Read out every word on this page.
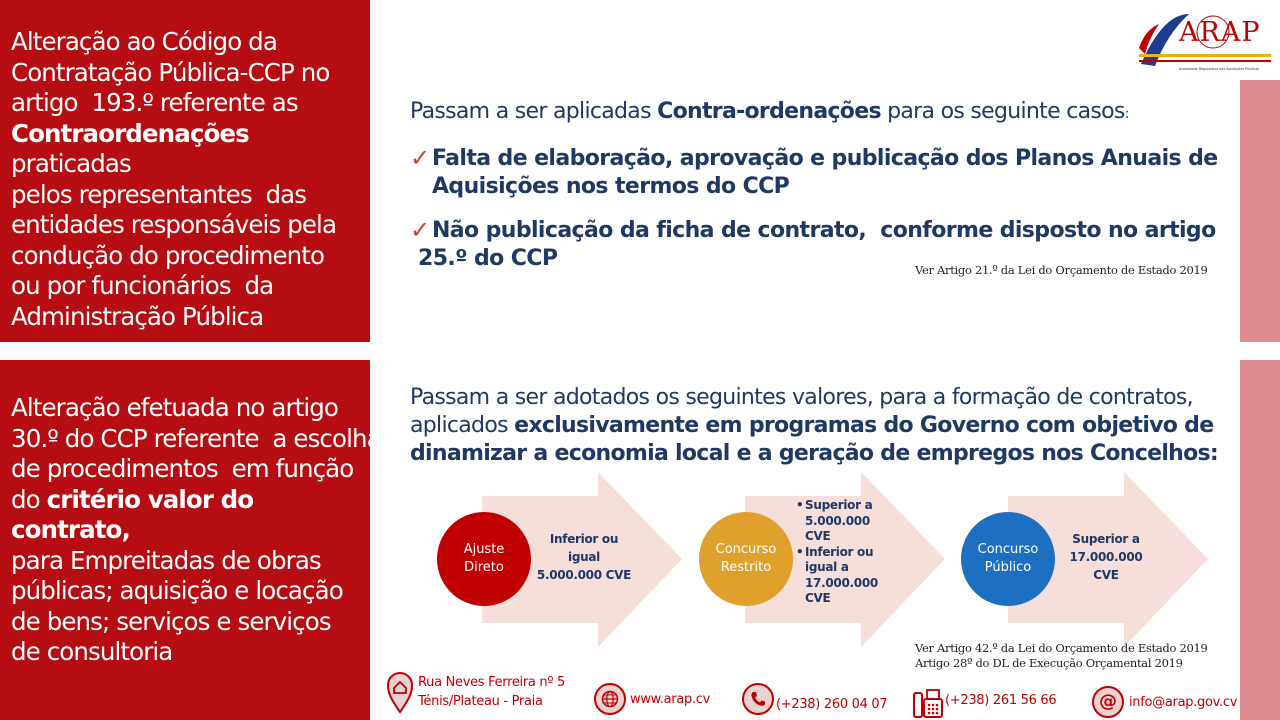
Alteração ao Código da

Contratação Pública-CCP no

artigo  193.º referente as

Contraordenações praticadas

pelos representantes  das

entidades responsáveis pela

condução do procedimento

ou por funcionários  da

Administração Pública

Alteração efetuada no artigo

30.º do CCP referente  a escolha

de procedimentos  em função

do critério valor do contrato,

para Empreitadas de obras

públicas; aquisição e locação

de bens; serviços e serviços

de consultoria

ARAP
Autoridade Reguladora das Aquisições Públicas
Passam a ser aplicadas Contra-ordenações para os seguinte casos:
✓ Falta de elaboração, aprovação e publicação dos Planos Anuais de
Aquisições nos termos do CCP
✓ Não publicação da ficha de contrato,  conforme disposto no artigo
25.º do CCP	Ver Artigo 21.º da Lei do Orçamento de Estado 2019
Passam a ser adotados os seguintes valores, para a formação de contratos,
aplicados exclusivamente em programas do Governo com objetivo de
dinamizar a economia local e a geração de empregos nos Concelhos:
Ajuste
Direto
Concurso
Restrito
Concurso
Público
Inferior ou
igual
5.000.000 CVE
• Superior a
5.000.000
CVE
• Inferior ou
igual a
17.000.000
CVE
Superior a
17.000.000
CVE
Ver Artigo 42.º da Lei do Orçamento de Estado 2019
Artigo 28º do DL de Execução Orçamental 2019
Rua Neves Ferreira nº 5
Ténis/Plateau - Praia	www.arap.cv	(+238) 260 04 07	(+238) 261 56 66 @ info@arap.gov.cv
